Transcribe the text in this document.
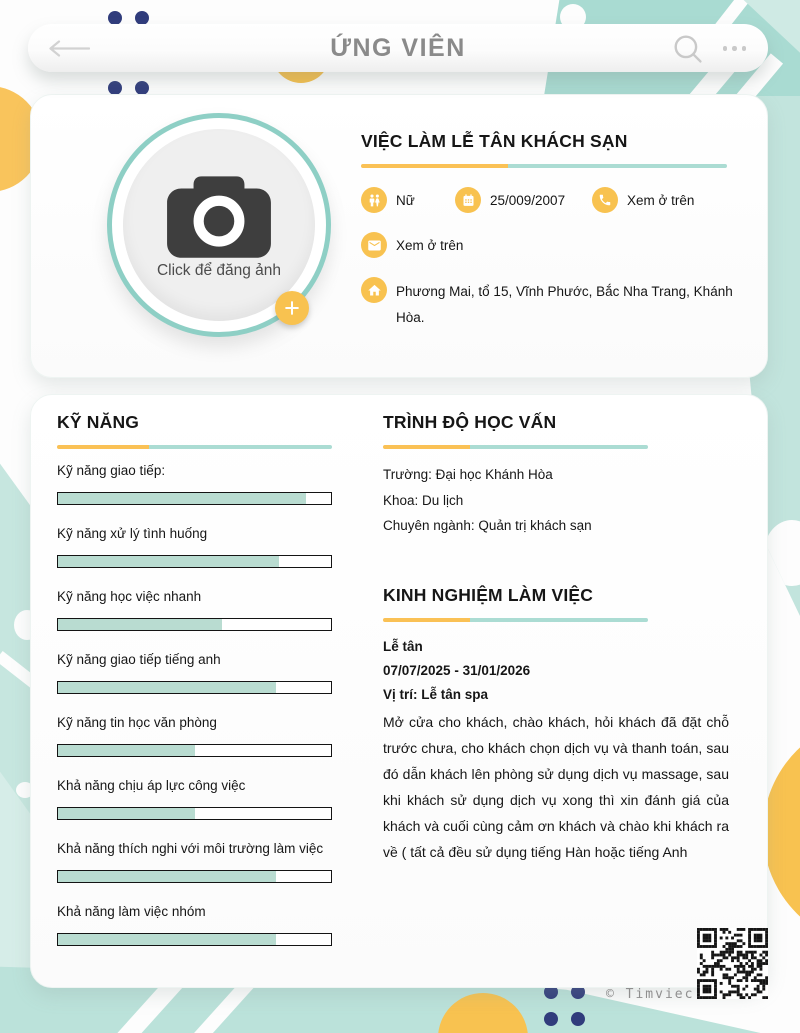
ỨNG VIÊN
Click để đăng ảnh
VIỆC LÀM LỄ TÂN KHÁCH SẠN
Nữ	25/009/2007	Xem ở trên
Xem ở trên
Phương Mai, tổ 15, Vĩnh Phước, Bắc Nha Trang, Khánh Hòa.
KỸ NĂNG
Kỹ năng giao tiếp:
Kỹ năng xử lý tình huống
Kỹ năng học việc nhanh
Kỹ năng giao tiếp tiếng anh
Kỹ năng tin học văn phòng
Khả năng chịu áp lực công việc
Khả năng thích nghi với môi trường làm việc
Khả năng làm việc nhóm
TRÌNH ĐỘ HỌC VẤN

Trường: Đại học Khánh Hòa

Khoa: Du lịch

Chuyên ngành: Quản trị khách sạn

KINH NGHIỆM LÀM VIỆC

Lễ tân

07/07/2025 - 31/01/2026

Vị trí: Lễ tân spa

Mở cửa cho khách, chào khách, hỏi khách đã đặt chỗ trước chưa, cho khách chọn dịch vụ và thanh toán, sau đó dẫn khách lên phòng sử dụng dịch vụ massage, sau khi khách sử dụng dịch vụ xong thì xin đánh giá của khách và cuối cùng cảm ơn khách và chào khi khách ra về ( tất cả đều sử dụng tiếng Hàn hoặc tiếng Anh

© Timviec
